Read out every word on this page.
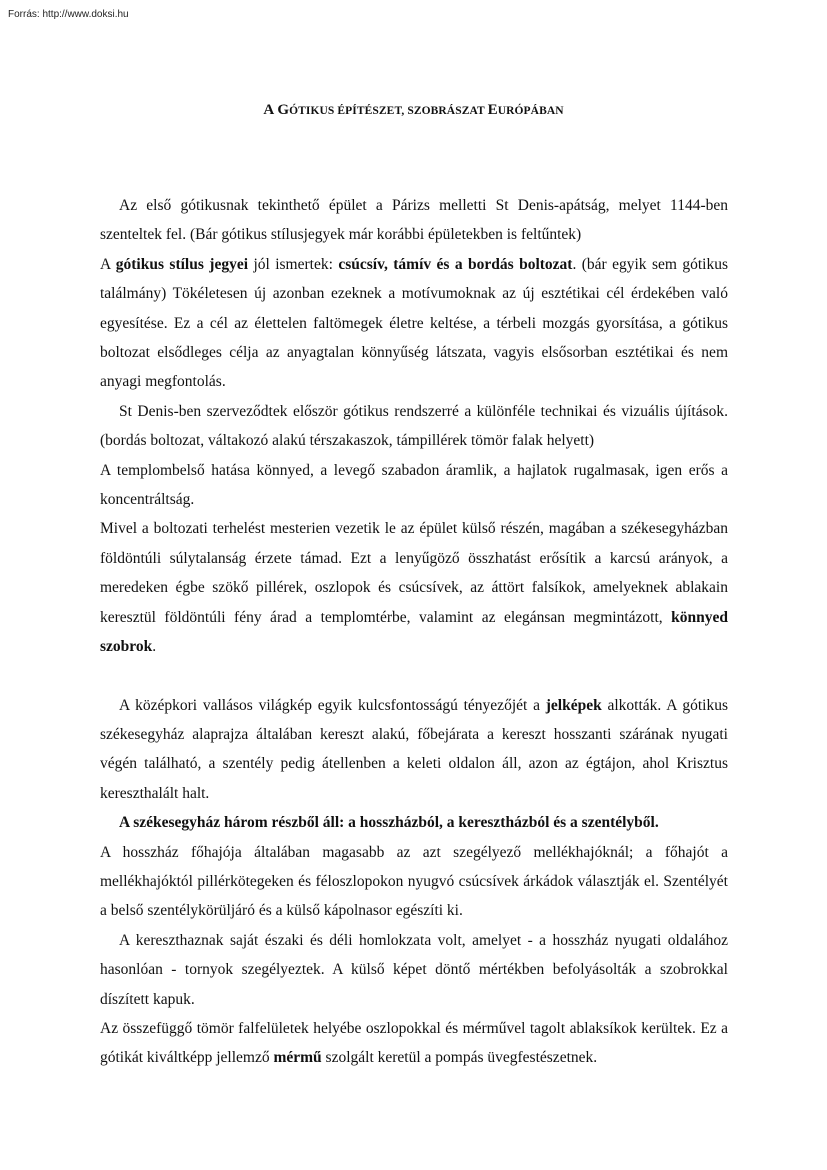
Forrás: http://www.doksi.hu
A GÓTIKUS ÉPÍTÉSZET, SZOBRÁSZAT EURÓPÁBAN

Az első gótikusnak tekinthető épület a Párizs melletti St Denis-apátság, melyet 1144-ben szenteltek fel. (Bár gótikus stílusjegyek már korábbi épületekben is feltűntek)

A gótikus stílus jegyei jól ismertek: csúcsív, támív és a bordás boltozat. (bár egyik sem gótikus találmány) Tökéletesen új azonban ezeknek a motívumoknak az új esztétikai cél érdekében való egyesítése. Ez a cél az élettelen faltömegek életre keltése, a térbeli mozgás gyorsítása, a gótikus boltozat elsődleges célja az anyagtalan könnyűség látszata, vagyis elsősorban esztétikai és nem anyagi megfontolás.

St Denis-ben szerveződtek először gótikus rendszerré a különféle technikai és vizuális újítások. (bordás boltozat, váltakozó alakú térszakaszok, támpillérek tömör falak helyett)

A templombelső hatása könnyed, a levegő szabadon áramlik, a hajlatok rugalmasak, igen erős a koncentráltság.

Mivel a boltozati terhelést mesterien vezetik le az épület külső részén, magában a székesegyházban földöntúli súlytalanság érzete támad. Ezt a lenyűgöző összhatást erősítik a karcsú arányok, a meredeken égbe szökő pillérek, oszlopok és csúcsívek, az áttört falsíkok, amelyeknek ablakain keresztül földöntúli fény árad a templomtérbe, valamint az elegánsan megmintázott, könnyed szobrok.

A középkori vallásos világkép egyik kulcsfontosságú tényezőjét a jelképek alkották. A gótikus székesegyház alaprajza általában kereszt alakú, főbejárata a kereszt hosszanti szárának nyugati végén található, a szentély pedig átellenben a keleti oldalon áll, azon az égtájon, ahol Krisztus kereszthalált halt.

A székesegyház három részből áll: a hosszházból, a keresztházból és a szentélyből.

A hosszház főhajója általában magasabb az azt szegélyező mellékhajóknál; a főhajót a mellékhajóktól pillérkötegeken és féloszlopokon nyugvó csúcsívek árkádok választják el. Szentélyét a belső szentélykörüljáró és a külső kápolnasor egészíti ki.

A kereszthaznak saját északi és déli homlokzata volt, amelyet - a hosszház nyugati oldalához hasonlóan - tornyok szegélyeztek. A külső képet döntő mértékben befolyásolták a szobrokkal díszített kapuk.

Az összefüggő tömör falfelületek helyébe oszlopokkal és mérművel tagolt ablaksíkok kerültek. Ez a gótikát kiváltképp jellemző mérmű szolgált keretül a pompás üvegfestészetnek.
